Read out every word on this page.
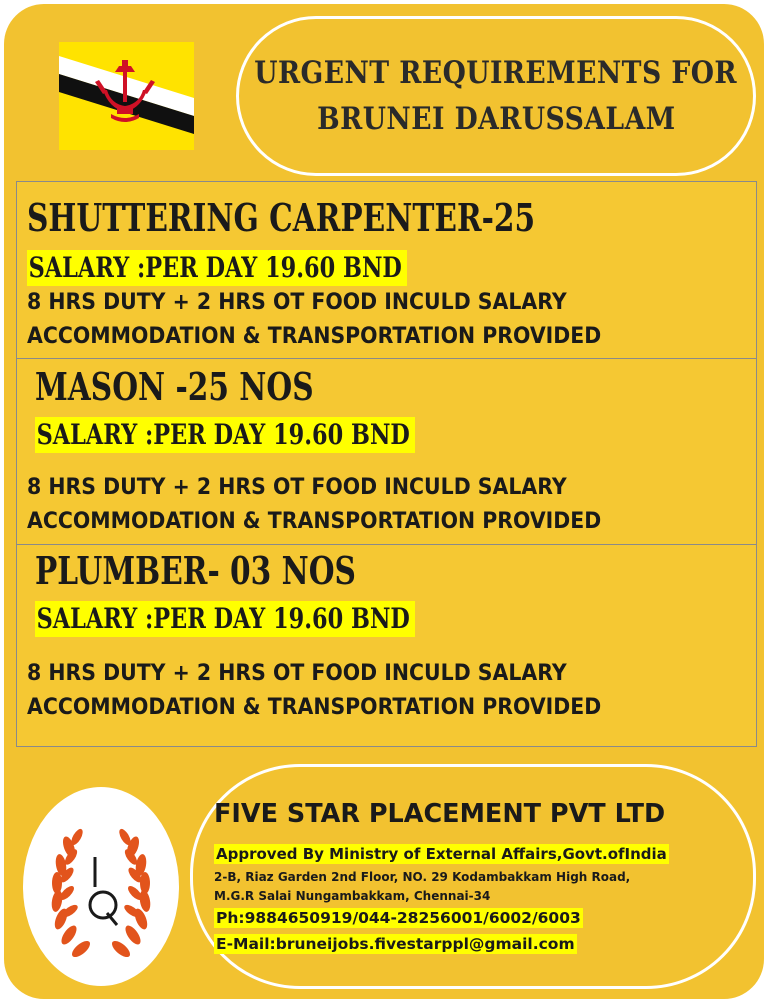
URGENT REQUIREMENTS FOR
BRUNEI DARUSSALAM
SHUTTERING CARPENTER-25
SALARY :PER DAY 19.60 BND
8 HRS DUTY + 2 HRS OT FOOD INCULD SALARY
ACCOMMODATION & TRANSPORTATION PROVIDED
MASON -25 NOS
SALARY :PER DAY 19.60 BND
8 HRS DUTY + 2 HRS OT FOOD INCULD SALARY
ACCOMMODATION & TRANSPORTATION PROVIDED
PLUMBER- 03 NOS
SALARY :PER DAY 19.60 BND
8 HRS DUTY + 2 HRS OT FOOD INCULD SALARY
ACCOMMODATION & TRANSPORTATION PROVIDED
FIVE STAR PLACEMENT PVT LTD
Approved By Ministry of External Affairs,Govt.ofIndia
2-B, Riaz Garden 2nd Floor, NO. 29 Kodambakkam High Road,
M.G.R Salai Nungambakkam, Chennai-34
Ph:9884650919/044-28256001/6002/6003
E-Mail:bruneijobs.fivestarppl@gmail.com
